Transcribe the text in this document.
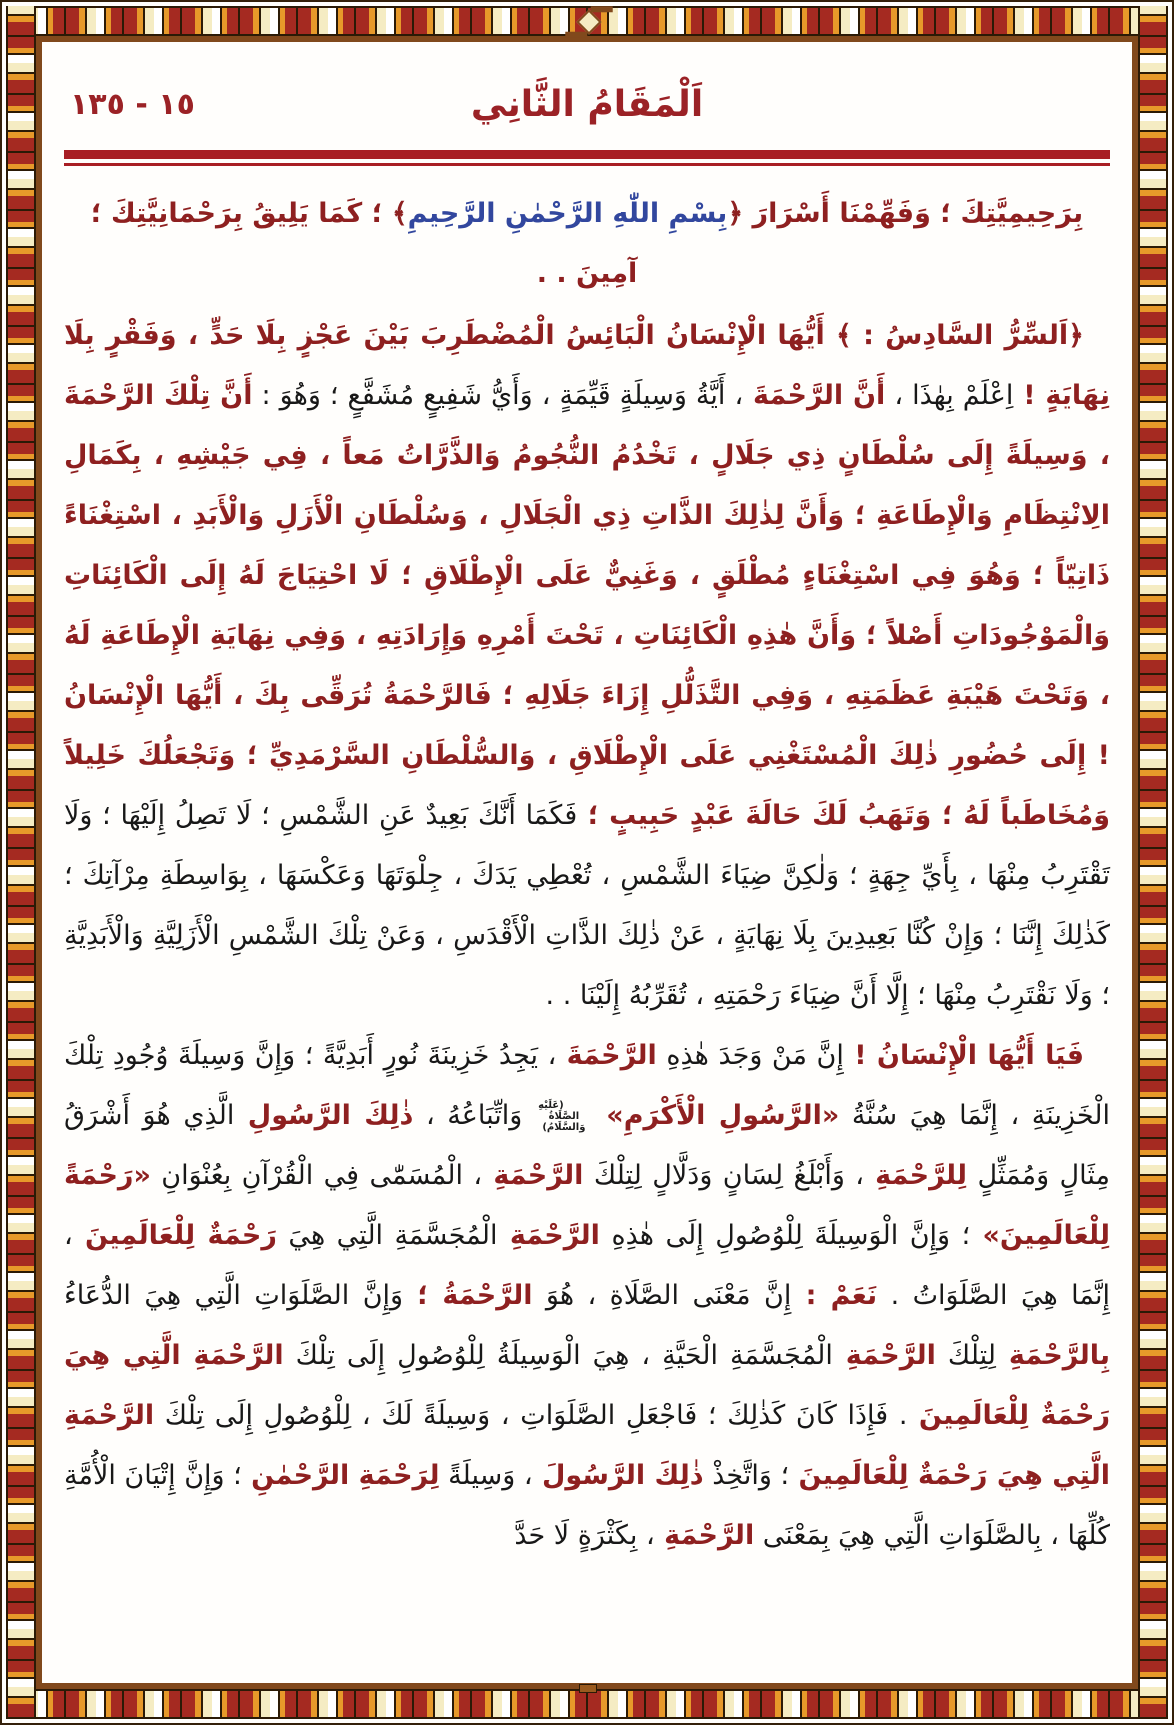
١٥ - ١٣٥	اَلْمَقَامُ الثَّانِي

بِرَحِيمِيَّتِكَ ؛ وَفَهِّمْنَا أَسْرَارَ ﴿بِسْمِ اللّٰهِ الرَّحْمٰنِ الرَّحِيمِ﴾ ؛ كَمَا يَلِيقُ بِرَحْمَانِيَّتِكَ ؛ آمِينَ . .

﴿اَلسِّرُّ السَّادِسُ : ﴾ أَيُّهَا الْإِنْسَانُ الْبَائِسُ الْمُضْطَرِبَ بَيْنَ عَجْزٍ بِلَا حَدٍّ ، وَفَقْرٍ بِلَا نِهَايَةٍ ! اِعْلَمْ بِهٰذَا ، أَنَّ الرَّحْمَةَ ، أَيَّةُ وَسِيلَةٍ قَيِّمَةٍ ، وَأَيُّ شَفِيعٍ مُشَفَّعٍ ؛ وَهُوَ : أَنَّ تِلْكَ الرَّحْمَةَ ، وَسِيلَةً إِلَى سُلْطَانٍ ذِي جَلَالٍ ، تَخْدُمُ النُّجُومُ وَالذَّرَّاتُ مَعاً ، فِي جَيْشِهِ ، بِكَمَالِ الِانْتِظَامِ وَالْإِطَاعَةِ ؛ وَأَنَّ لِذٰلِكَ الذَّاتِ ذِي الْجَلَالِ ، وَسُلْطَانِ الْأَزَلِ وَالْأَبَدِ ، اسْتِغْنَاءً ذَاتِيّاً ؛ وَهُوَ فِي اسْتِغْنَاءٍ مُطْلَقٍ ، وَغَنِيٌّ عَلَى الْإِطْلَاقِ ؛ لَا احْتِيَاجَ لَهُ إِلَى الْكَائِنَاتِ وَالْمَوْجُودَاتِ أَصْلاً ؛ وَأَنَّ هٰذِهِ الْكَائِنَاتِ ، تَحْتَ أَمْرِهِ وَإِرَادَتِهِ ، وَفِي نِهَايَةِ الْإِطَاعَةِ لَهُ ، وَتَحْتَ هَيْبَةِ عَظَمَتِهِ ، وَفِي التَّذَلُّلِ إِزَاءَ جَلَالِهِ ؛ فَالرَّحْمَةُ تُرَقِّى بِكَ ، أَيُّهَا الْإِنْسَانُ ! إِلَى حُضُورِ ذٰلِكَ الْمُسْتَغْنِي عَلَى الْإِطْلَاقِ ، وَالسُّلْطَانِ السَّرْمَدِيِّ ؛ وَتَجْعَلُكَ خَلِيلاً وَمُخَاطَباً لَهُ ؛ وَتَهَبُ لَكَ حَالَةَ عَبْدٍ حَبِيبٍ ؛ فَكَمَا أَنَّكَ بَعِيدٌ عَنِ الشَّمْسِ ؛ لَا تَصِلُ إِلَيْهَا ؛ وَلَا تَقْتَرِبُ مِنْهَا ، بِأَيِّ جِهَةٍ ؛ وَلٰكِنَّ ضِيَاءَ الشَّمْسِ ، تُعْطِي يَدَكَ ، جِلْوَتَهَا وَعَكْسَهَا ، بِوَاسِطَةِ مِرْآتِكَ ؛ كَذٰلِكَ إِنَّنَا ؛ وَإِنْ كُنَّا بَعِيدِينَ بِلَا نِهَايَةٍ ، عَنْ ذٰلِكَ الذَّاتِ الْأَقْدَسِ ، وَعَنْ تِلْكَ الشَّمْسِ الْأَزَلِيَّةِ وَالْأَبَدِيَّةِ ؛ وَلَا نَقْتَرِبُ مِنْهَا ؛ إِلَّا أَنَّ ضِيَاءَ رَحْمَتِهِ ، تُقَرِّبُهُ إِلَيْنَا . .

فَيَا أَيُّهَا الْإِنْسَانُ ! إِنَّ مَنْ وَجَدَ هٰذِهِ الرَّحْمَةَ ، يَجِدُ خَزِينَةَ نُورٍ أَبَدِيَّةً ؛ وَإِنَّ وَسِيلَةَ وُجُودِ تِلْكَ الْخَزِينَةِ ، إِنَّمَا هِيَ سُنَّةُ «الرَّسُولِ الْأَكْرَمِ» (عَلَيْهِ الصَّلَاةُ وَالسَّلَامُ) وَاتِّبَاعُهُ ، ذٰلِكَ الرَّسُولِ الَّذِي هُوَ أَشْرَقُ مِثَالٍ وَمُمَثِّلٍ لِلرَّحْمَةِ ، وَأَبْلَغُ لِسَانٍ وَدَلَّالٍ لِتِلْكَ الرَّحْمَةِ ، الْمُسَمّٰى فِي الْقُرْآنِ بِعُنْوَانِ «رَحْمَةً لِلْعَالَمِينَ» ؛ وَإِنَّ الْوَسِيلَةَ لِلْوُصُولِ إِلَى هٰذِهِ الرَّحْمَةِ الْمُجَسَّمَةِ الَّتِي هِيَ رَحْمَةٌ لِلْعَالَمِينَ ، إِنَّمَا هِيَ الصَّلَوَاتُ . نَعَمْ : إِنَّ مَعْنَى الصَّلَاةِ ، هُوَ الرَّحْمَةُ ؛ وَإِنَّ الصَّلَوَاتِ الَّتِي هِيَ الدُّعَاءُ بِالرَّحْمَةِ لِتِلْكَ الرَّحْمَةِ الْمُجَسَّمَةِ الْحَيَّةِ ، هِيَ الْوَسِيلَةُ لِلْوُصُولِ إِلَى تِلْكَ الرَّحْمَةِ الَّتِي هِيَ رَحْمَةٌ لِلْعَالَمِينَ . فَإِذَا كَانَ كَذٰلِكَ ؛ فَاجْعَلِ الصَّلَوَاتِ ، وَسِيلَةً لَكَ ، لِلْوُصُولِ إِلَى تِلْكَ الرَّحْمَةِ الَّتِي هِيَ رَحْمَةٌ لِلْعَالَمِينَ ؛ وَاتَّخِذْ ذٰلِكَ الرَّسُولَ ، وَسِيلَةً لِرَحْمَةِ الرَّحْمٰنِ ؛ وَإِنَّ إِتْيَانَ الْأُمَّةِ كُلِّهَا ، بِالصَّلَوَاتِ الَّتِي هِيَ بِمَعْنَى الرَّحْمَةِ ، بِكَثْرَةٍ لَا حَدَّ
